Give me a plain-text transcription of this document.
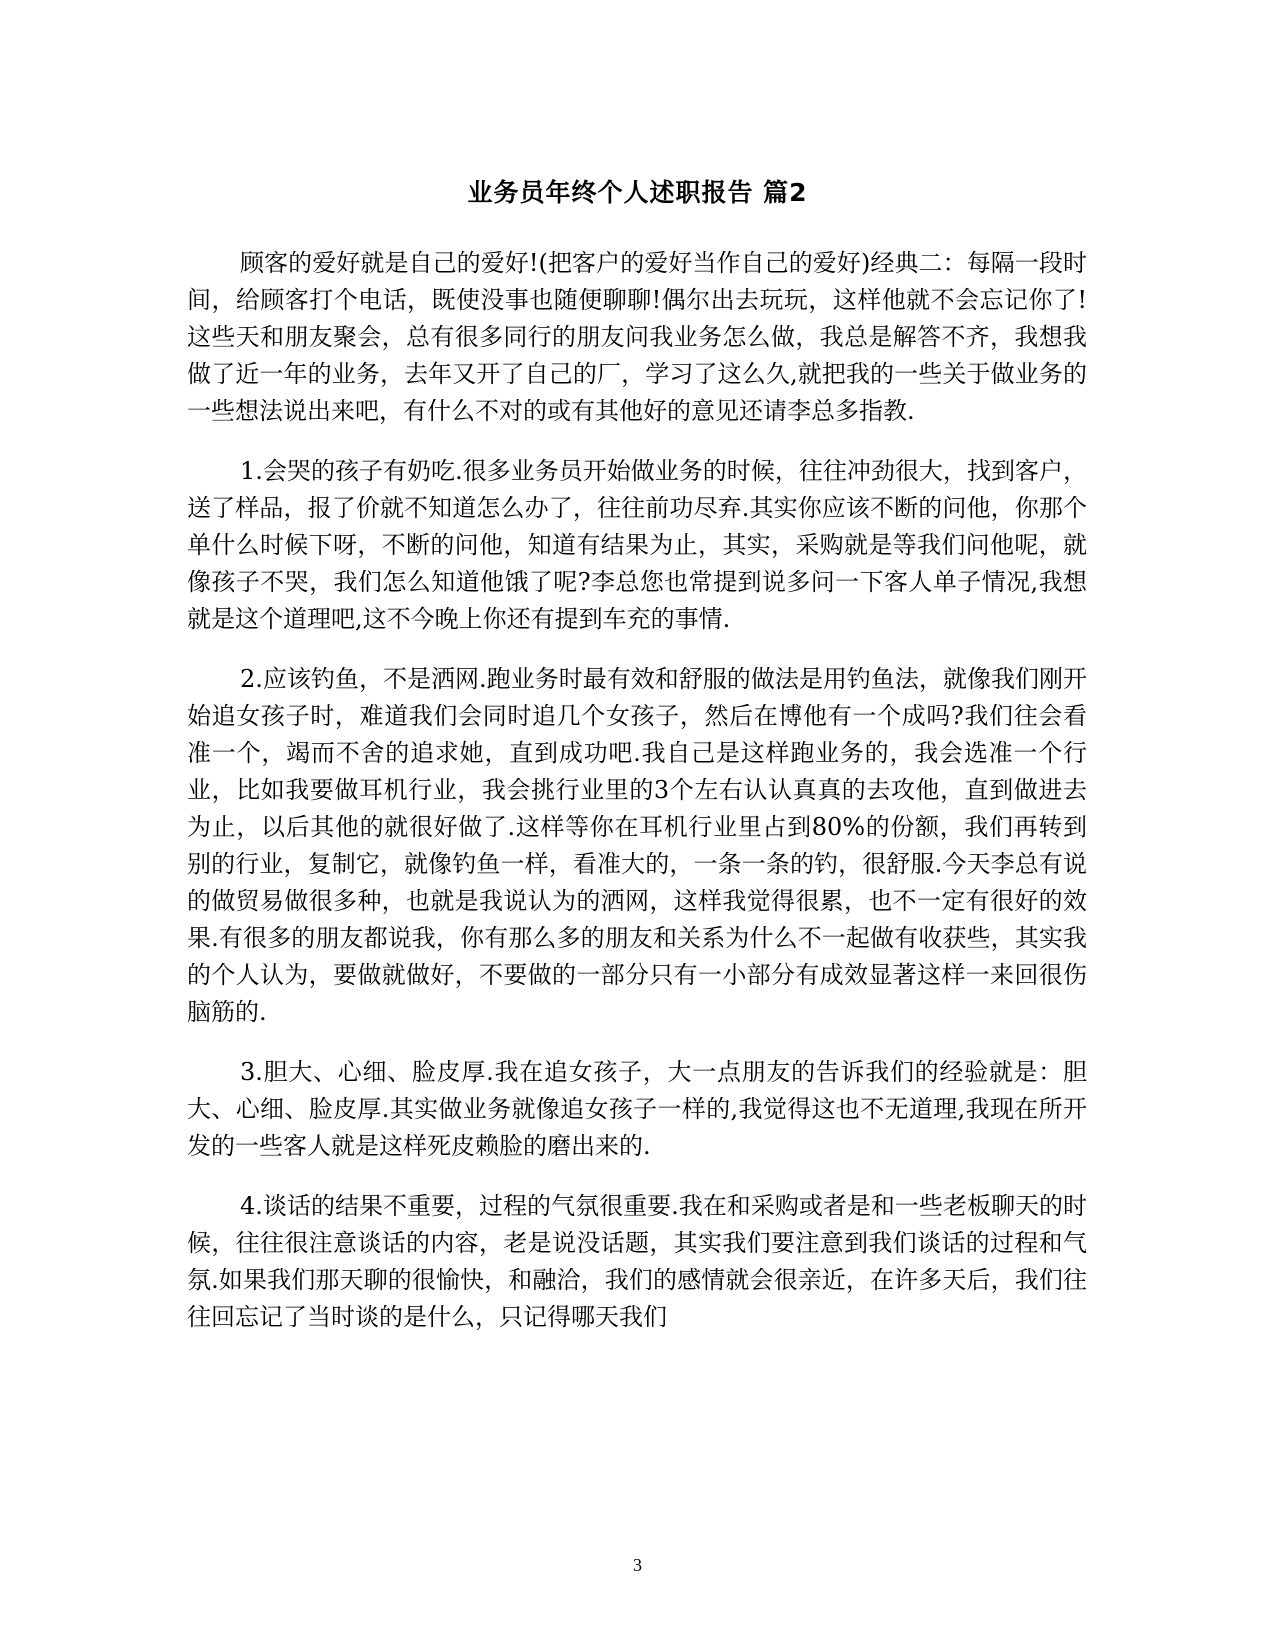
业务员年终个人述职报告 篇2

顾客的爱好就是自己的爱好!(把客户的爱好当作自己的爱好)经典二：每隔一段时间，给顾客打个电话，既使没事也随便聊聊!偶尔出去玩玩，这样他就不会忘记你了!这些天和朋友聚会，总有很多同行的朋友问我业务怎么做，我总是解答不齐，我想我做了近一年的业务，去年又开了自己的厂，学习了这么久,就把我的一些关于做业务的一些想法说出来吧，有什么不对的或有其他好的意见还请李总多指教.

1.会哭的孩子有奶吃.很多业务员开始做业务的时候，往往冲劲很大，找到客户，送了样品，报了价就不知道怎么办了，往往前功尽弃.其实你应该不断的问他，你那个单什么时候下呀，不断的问他，知道有结果为止，其实，采购就是等我们问他呢，就像孩子不哭，我们怎么知道他饿了呢?李总您也常提到说多问一下客人单子情况,我想就是这个道理吧,这不今晚上你还有提到车充的事情.

2.应该钓鱼，不是洒网.跑业务时最有效和舒服的做法是用钓鱼法，就像我们刚开始追女孩子时，难道我们会同时追几个女孩子，然后在博他有一个成吗?我们往会看准一个，竭而不舍的追求她，直到成功吧.我自己是这样跑业务的，我会选准一个行业，比如我要做耳机行业，我会挑行业里的3个左右认认真真的去攻他，直到做进去为止，以后其他的就很好做了.这样等你在耳机行业里占到80%的份额，我们再转到别的行业，复制它，就像钓鱼一样，看准大的，一条一条的钓，很舒服.今天李总有说的做贸易做很多种，也就是我说认为的洒网，这样我觉得很累，也不一定有很好的效果.有很多的朋友都说我，你有那么多的朋友和关系为什么不一起做有收获些，其实我的个人认为，要做就做好，不要做的一部分只有一小部分有成效显著这样一来回很伤脑筋的.

3.胆大、心细、脸皮厚.我在追女孩子，大一点朋友的告诉我们的经验就是：胆大、心细、脸皮厚.其实做业务就像追女孩子一样的,我觉得这也不无道理,我现在所开发的一些客人就是这样死皮赖脸的磨出来的.

4.谈话的结果不重要，过程的气氛很重要.我在和采购或者是和一些老板聊天的时候，往往很注意谈话的内容，老是说没话题，其实我们要注意到我们谈话的过程和气氛.如果我们那天聊的很愉快，和融洽，我们的感情就会很亲近，在许多天后，我们往往回忘记了当时谈的是什么，只记得哪天我们

3
